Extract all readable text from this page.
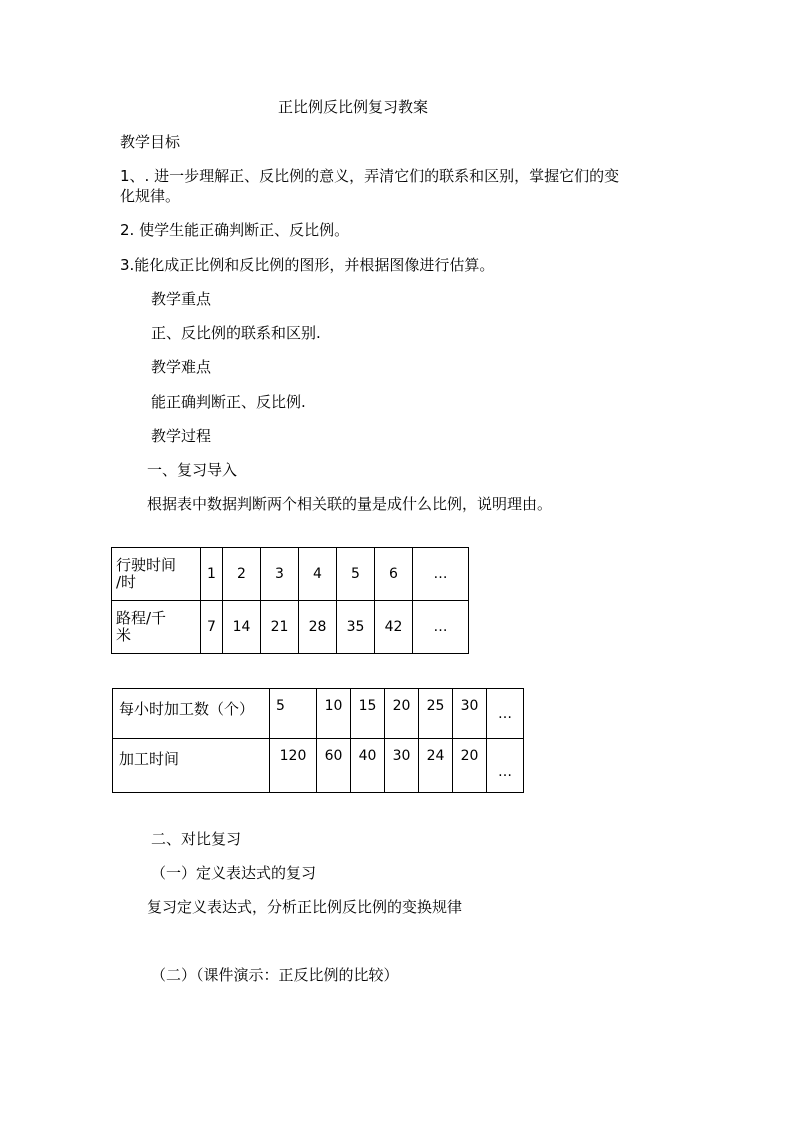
正比例反比例复习教案
教学目标
1、. 进一步理解正、反比例的意义，弄清它们的联系和区别，掌握它们的变
化规律。
2. 使学生能正确判断正、反比例。
3.能化成正比例和反比例的图形，并根据图像进行估算。
教学重点
正、反比例的联系和区别.
教学难点
能正确判断正、反比例.
教学过程
一、复习导入
根据表中数据判断两个相关联的量是成什么比例，说明理由。
行驶时间
/时	1	2	3	4	5	6	…

路程/千
米	7	14	21	28	35	42	…
每小时加工数（个）	5	10	15	20	25	30	…
加工时间	120	60	40	30	24	20	…
二、对比复习
（一）定义表达式的复习
复习定义表达式，分析正比例反比例的变换规律
（二）（课件演示：正反比例的比较）
